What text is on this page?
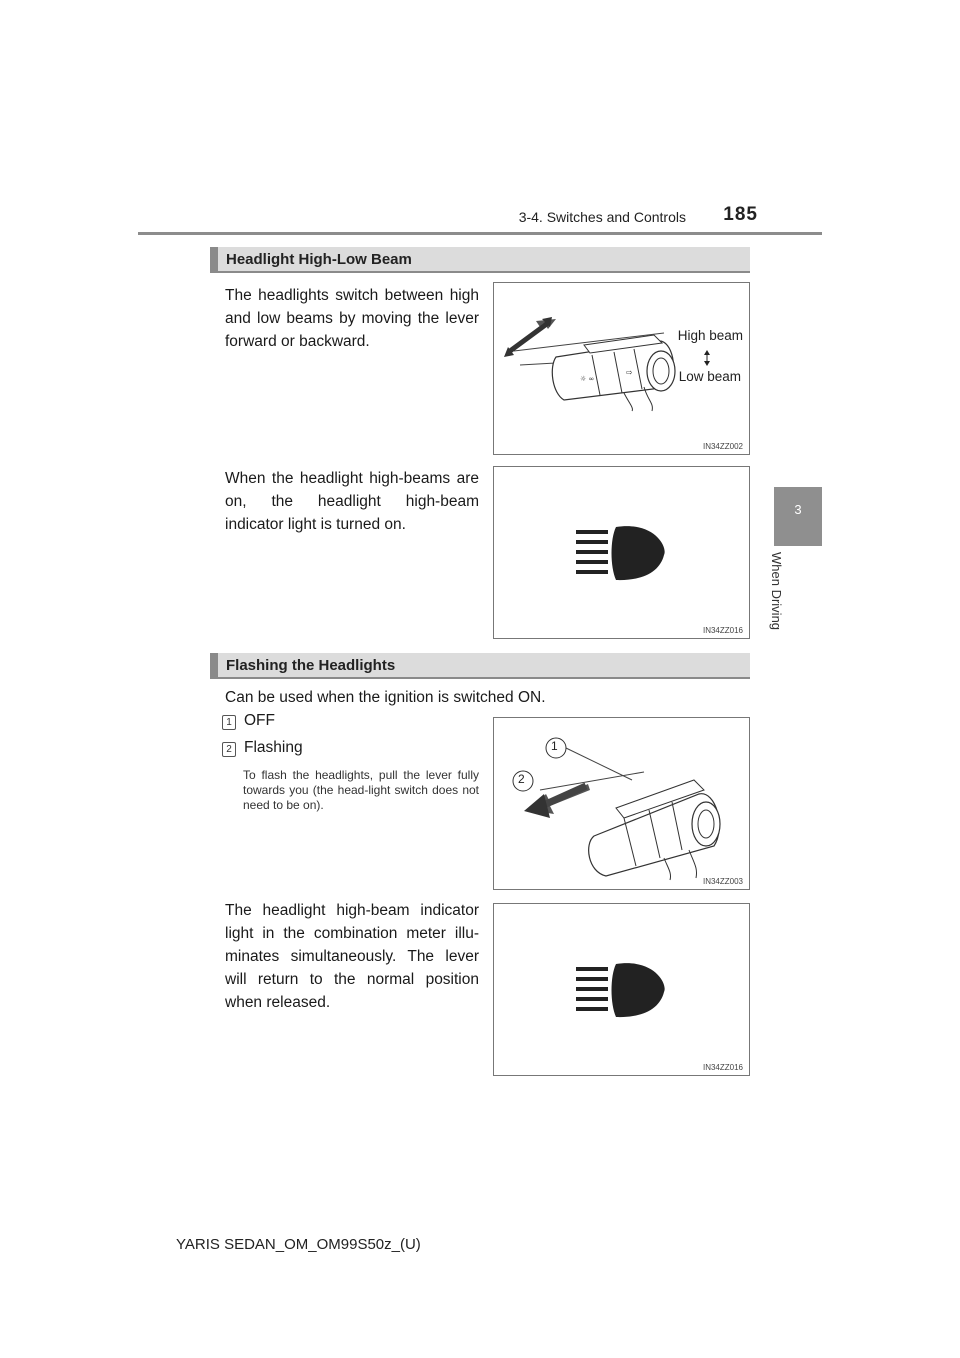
3-4. Switches and Controls	185
3
When Driving
Headlight High-Low Beam
The headlights switch between high and low beams by moving the lever forward or backward.
When the headlight high-beams are on, the headlight high-beam indicator light is turned on.
☼ ∞
⇨
High beam
Low beam
IN34ZZ002
IN34ZZ016
Flashing the Headlights
Can be used when the ignition is switched ON.
1 OFF
2 Flashing
To flash the headlights, pull the lever fully towards you (the head-light switch does not need to be on).
The headlight high-beam indicator light in the combination meter illu-minates simultaneously. The lever will return to the normal position when released.
1
2
IN34ZZ003
IN34ZZ016
YARIS SEDAN_OM_OM99S50z_(U)
